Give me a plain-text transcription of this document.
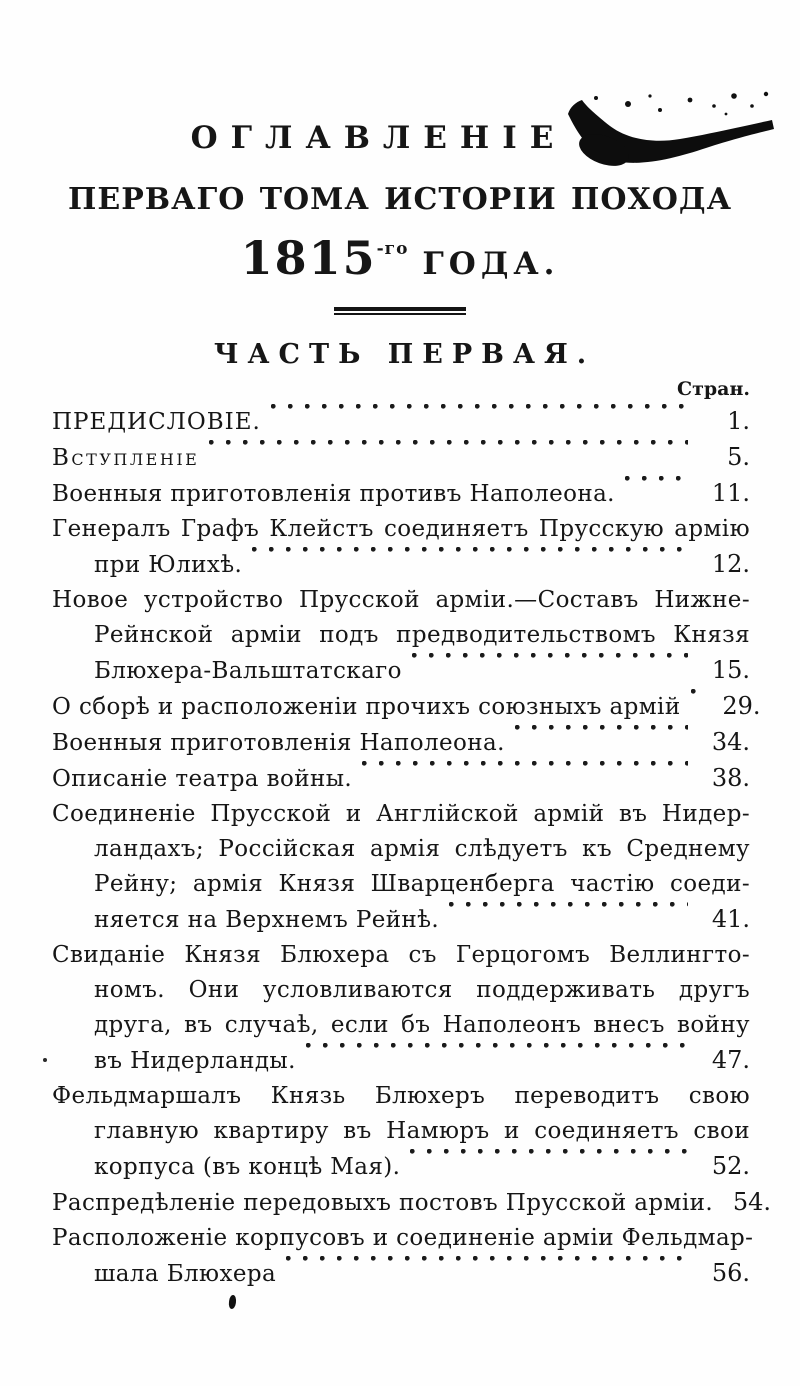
ОГЛАВЛЕНІЕ
ПЕРВАГО ТОМА ИСТОРІИ ПОХОДА
1815-го ГОДА.
ЧАСТЬ ПЕРВАЯ.
Стран.
ПРЕДИСЛОВІЕ.	1.
Вступленіе	5.
Военныя приготовленія противъ Наполеона.	11.
Генералъ Графъ Клейстъ соединяетъ Прусскую армію
при Юлихѣ.	12.
Новое устройство Прусской арміи.—Составъ Нижне-
Рейнской арміи подъ предводительствомъ Князя
Блюхера-Вальштатскаго	15.
О сборѣ и расположеніи прочихъ союзныхъ армій	29.
Военныя приготовленія Наполеона.	34.
Описаніе театра войны.	38.
Соединеніе Прусской и Англійской армій въ Нидер-
ландахъ; Россійская армія слѣдуетъ къ Среднему
Рейну; армія Князя Шварценберга частію соеди-
няется на Верхнемъ Рейнѣ.	41.
Свиданіе Князя Блюхера съ Герцогомъ Веллингто-
номъ. Они условливаются поддерживать другъ
друга, въ случаѣ, если бъ Наполеонъ внесъ войну
въ Нидерланды.	47.
Фельдмаршалъ Князь Блюхеръ переводитъ свою
главную квартиру въ Намюръ и соединяетъ свои
корпуса (въ концѣ Мая).	52.
Распредѣленіе передовыхъ постовъ Прусской арміи. 54.
Расположеніе корпусовъ и соединеніе арміи Фельдмар-
шала Блюхера	56.
